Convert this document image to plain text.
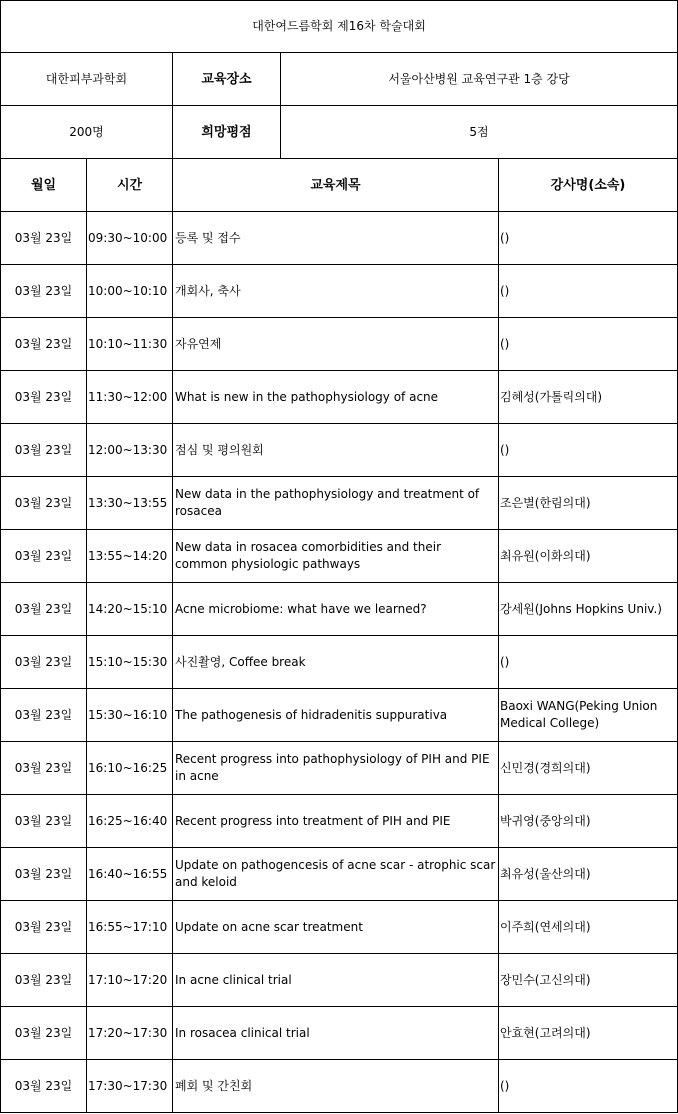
대한여드름학회 제16차 학술대회				
대한피부과학회		교육장소	서울아산병원 교육연구관 1층 강당	
200명		희망평점	5점	
월일	시간	교육제목		강사명(소속)
03월 23일	09:30~10:00	등록 및 접수		()
03월 23일	10:00~10:10	개회사, 축사		()
03월 23일	10:10~11:30	자유연제		()
03월 23일	11:30~12:00	What is new in the pathophysiology of acne		김혜성(가톨릭의대)
03월 23일	12:00~13:30	점심 및 평의원회		()
03월 23일	13:30~13:55	New data in the pathophysiology and treatment of rosacea		조은별(한림의대)
03월 23일	13:55~14:20	New data in rosacea comorbidities and their common physiologic pathways		최유원(이화의대)
03월 23일	14:20~15:10	Acne microbiome: what have we learned?		강세원(Johns Hopkins Univ.)
03월 23일	15:10~15:30	사진촬영, Coffee break		()
03월 23일	15:30~16:10	The pathogenesis of hidradenitis suppurativa		Baoxi WANG(Peking Union Medical College)
03월 23일	16:10~16:25	Recent progress into pathophysiology of PIH and PIE in acne		신민경(경희의대)
03월 23일	16:25~16:40	Recent progress into treatment of PIH and PIE		박귀영(중앙의대)
03월 23일	16:40~16:55	Update on pathogencesis of acne scar - atrophic scar and keloid		최유성(울산의대)
03월 23일	16:55~17:10	Update on acne scar treatment		이주희(연세의대)
03월 23일	17:10~17:20	In acne clinical trial		장민수(고신의대)
03월 23일	17:20~17:30	In rosacea clinical trial		안효현(고려의대)
03월 23일	17:30~17:30	폐회 및 간친회		()
